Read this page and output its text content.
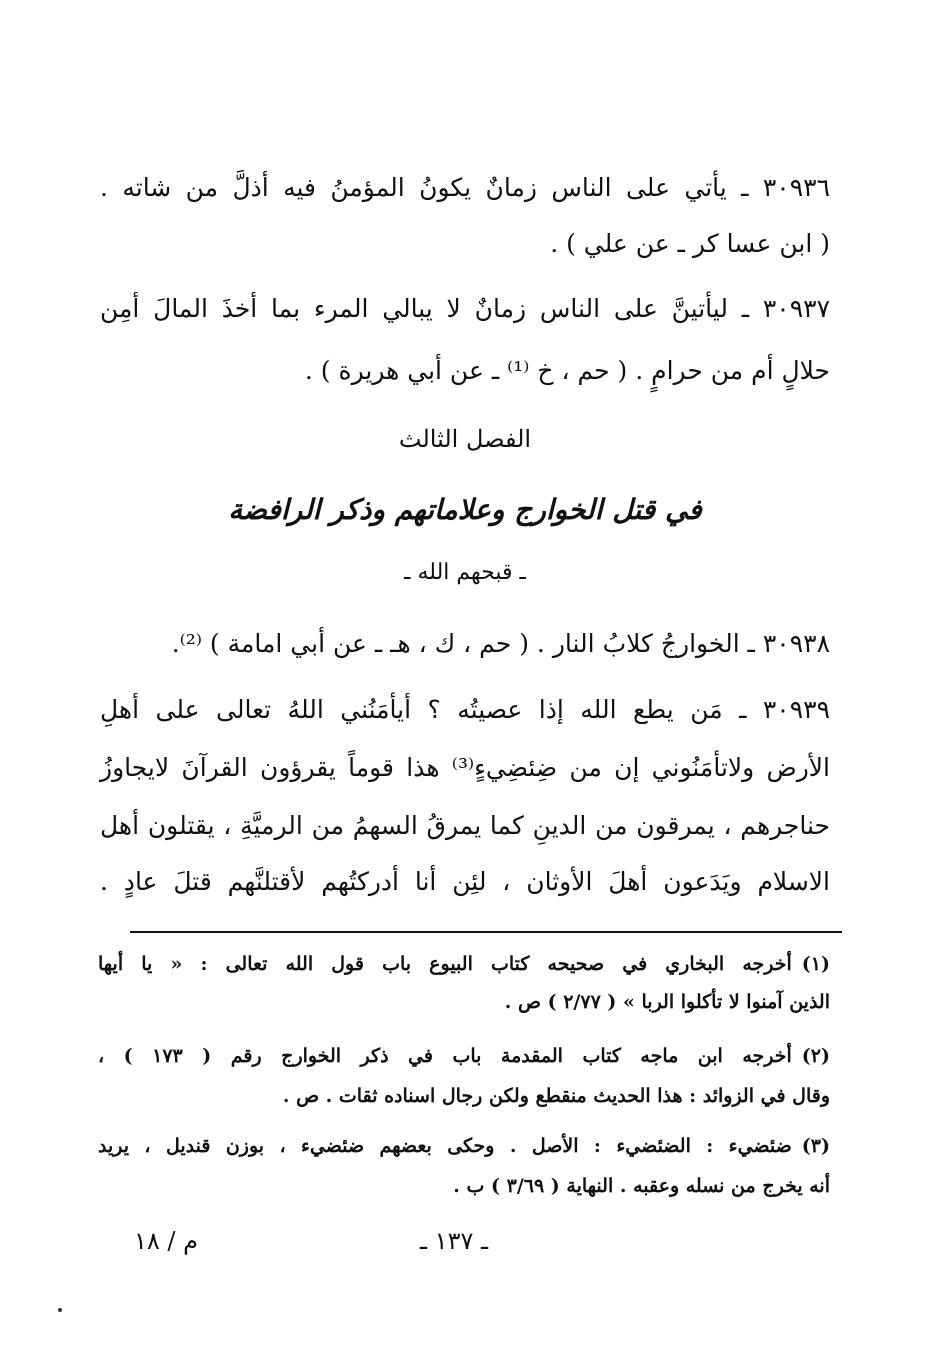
٣٠٩٣٦ ـ يأتي على الناس زمانٌ يكونُ المؤمنُ فيه أذلَّ من شاته .
( ابن عسا كر ـ عن علي ) .
٣٠٩٣٧ ـ ليأتينَّ على الناس زمانٌ لا يبالي المرء بما أخذَ المالَ أمِن
حلالٍ أم من حرامٍ . ( حم ، خ ⁽¹⁾ ـ عن أبي هريرة ) .
الفصل الثالث
في قتل الخوارج وعلاماتهم وذكر الرافضة
ـ قبحهم الله ـ
٣٠٩٣٨ ـ الخوارجُ كلابُ النار . ( حم ، ك ، هـ ـ عن أبي امامة ) ⁽²⁾.
٣٠٩٣٩ ـ مَن يطع الله إذا عصيتُه ؟ أيأمَنُني اللهُ تعالى على أهلِ
الأرض ولاتأمَنُوني إن من ضِئضِيءٍ⁽³⁾ هذا قوماً يقرؤون القرآنَ لايجاوزُ
حناجرهم ، يمرقون من الدينِ كما يمرقُ السهمُ من الرميَّةِ ، يقتلون أهل
الاسلام ويَدَعون أهلَ الأوثان ، لئِن أنا أدركتُهم لأقتلنَّهم قتلَ عادٍ .
(١)أخرجه البخاري في صحيحه كتاب البيوع باب قول الله تعالى : « يا أيها
الذين آمنوا لا تأكلوا الربا » ( ٢/٧٧ ) ص .
(٢)أخرجه ابن ماجه كتاب المقدمة باب في ذكر الخوارج رقم ( ١٧٣ ) ،
وقال في الزوائد : هذا الحديث منقطع ولكن رجال اسناده ثقات . ص .
(٣)ضئضيء : الضئضيء : الأصل . وحكى بعضهم ضئضيء ، بوزن قنديل ، يريد
أنه يخرج من نسله وعقبه . النهاية ( ٣/٦٩ ) ب .
ـ ١٣٧ ـ
م / ١٨
